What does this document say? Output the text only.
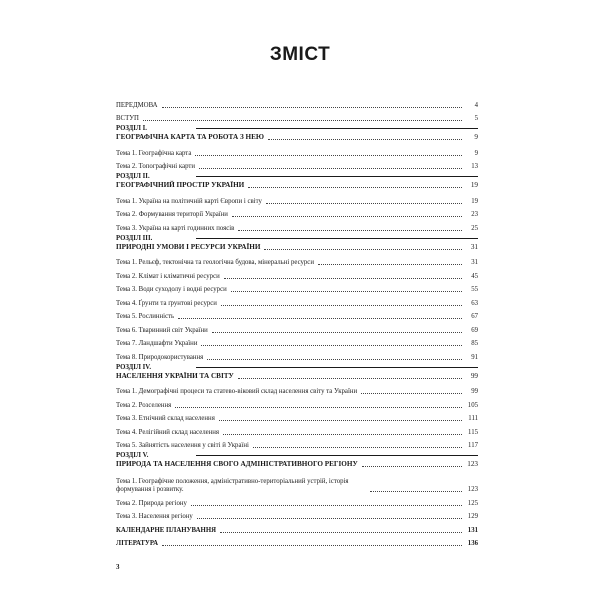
ЗМІСТ
ПЕРЕДМОВА	4
ВСТУП	5
РОЗДІЛ I.
ГЕОГРАФІЧНА КАРТА ТА РОБОТА З НЕЮ	9
Тема 1. Географічна карта	9
Тема 2. Топографічні карти	13
РОЗДІЛ II.
ГЕОГРАФІЧНИЙ ПРОСТІР УКРАЇНИ	19
Тема 1. Україна на політичній карті Європи і світу	19
Тема 2. Формування території України	23
Тема 3. Україна на карті годинних поясів	25
РОЗДІЛ III.
ПРИРОДНІ УМОВИ І РЕСУРСИ УКРАЇНИ	31
Тема 1. Рельєф, тектонічна та геологічна будова, мінеральні ресурси	31
Тема 2. Клімат і кліматичні ресурси	45
Тема 3. Води суходолу і водні ресурси	55
Тема 4. Ґрунти та ґрунтові ресурси	63
Тема 5. Рослинність	67
Тема 6. Тваринний світ України	69
Тема 7. Ландшафти України	85
Тема 8. Природокористування	91
РОЗДІЛ IV.
НАСЕЛЕННЯ УКРАЇНИ ТА СВІТУ	99
Тема 1. Демографічні процеси та статево-віковий склад населення світу та України	99
Тема 2. Розселення	105
Тема 3. Етнічний склад населення	111
Тема 4. Релігійний склад населення	115
Тема 5. Зайнятість населення у світі й Україні	117
РОЗДІЛ V.
ПРИРОДА ТА НАСЕЛЕННЯ СВОГО АДМІНІСТРАТИВНОГО РЕГІОНУ	123
Тема 1. Географічне положення, адміністративно-територіальний устрій, історія формування і розвитку.	123
Тема 2. Природа регіону	125
Тема 3. Населення регіону	129
КАЛЕНДАРНЕ ПЛАНУВАННЯ	131
ЛІТЕРАТУРА	136
3
